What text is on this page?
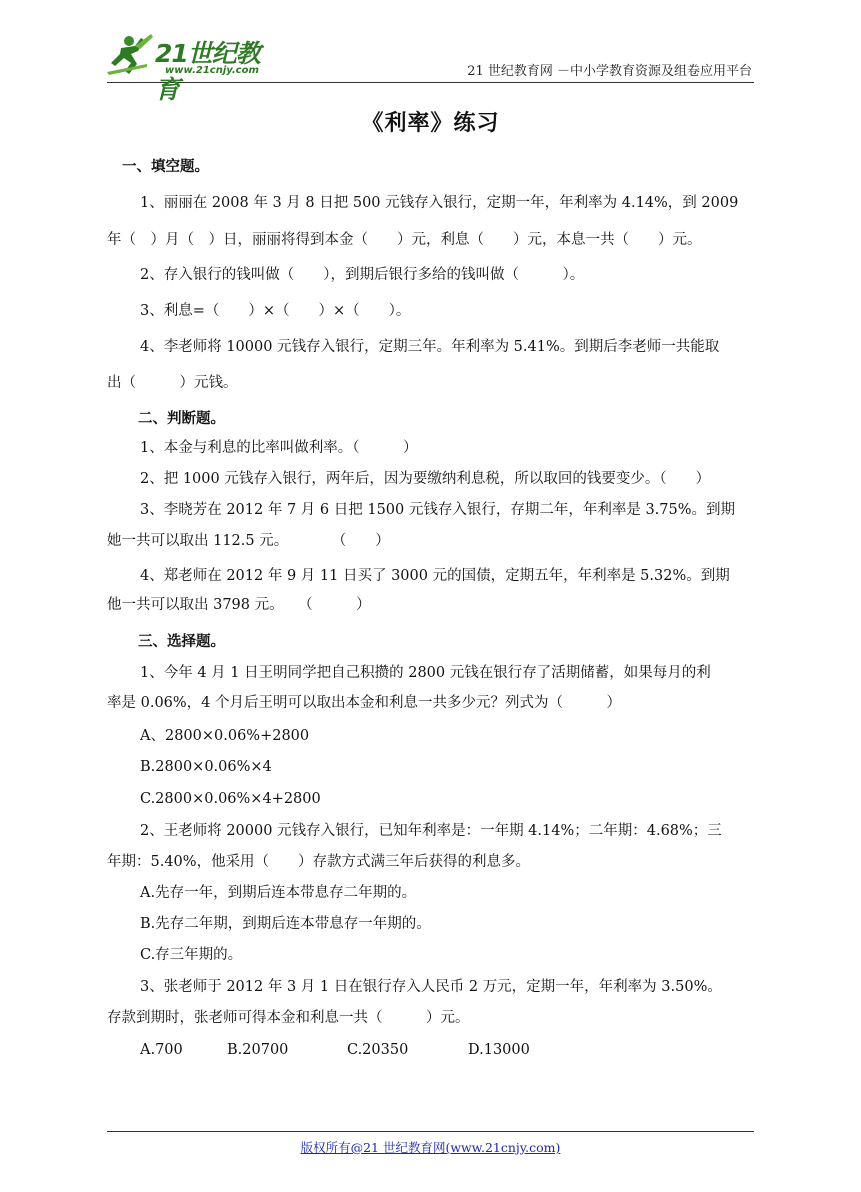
21世纪教育
www.21cnjy.com	21 世纪教育网 －中小学教育资源及组卷应用平台
《利率》练习
一、填空题。
1、丽丽在 2008 年 3 月 8 日把 500 元钱存入银行，定期一年，年利率为 4.14%，到 2009
年（　）月（　）日，丽丽将得到本金（　　）元，利息（　　）元，本息一共（　　）元。
2、存入银行的钱叫做（　　），到期后银行多给的钱叫做（　　　）。
3、利息=（　　）×（　　）×（　　）。
4、李老师将 10000 元钱存入银行，定期三年。年利率为 5.41%。到期后李老师一共能取
出（　　　）元钱。
二、判断题。
1、本金与利息的比率叫做利率。（　　　）
2、把 1000 元钱存入银行，两年后，因为要缴纳利息税，所以取回的钱要变少。（　　）
3、李晓芳在 2012 年 7 月 6 日把 1500 元钱存入银行，存期二年，年利率是 3.75%。到期
她一共可以取出 112.5 元。　　　　（　　）
4、郑老师在 2012 年 9 月 11 日买了 3000 元的国债，定期五年，年利率是 5.32%。到期
他一共可以取出 3798 元。　　（　　　）
三、选择题。
1、今年 4 月 1 日王明同学把自己积攒的 2800 元钱在银行存了活期储蓄，如果每月的利
率是 0.06%，4 个月后王明可以取出本金和利息一共多少元？列式为（　　　）
A、2800×0.06%+2800
B.2800×0.06%×4
C.2800×0.06%×4+2800
2、王老师将 20000 元钱存入银行，已知年利率是：一年期 4.14%；二年期：4.68%；三
年期：5.40%，他采用（　　）存款方式满三年后获得的利息多。
A.先存一年，到期后连本带息存二年期的。
B.先存二年期，到期后连本带息存一年期的。
C.存三年期的。
3、张老师于 2012 年 3 月 1 日在银行存入人民币 2 万元，定期一年，年利率为 3.50%。
存款到期时，张老师可得本金和利息一共（　　　）元。
A.700	B.20700	C.20350	D.13000
版权所有@21 世纪教育网(www.21cnjy.com)
